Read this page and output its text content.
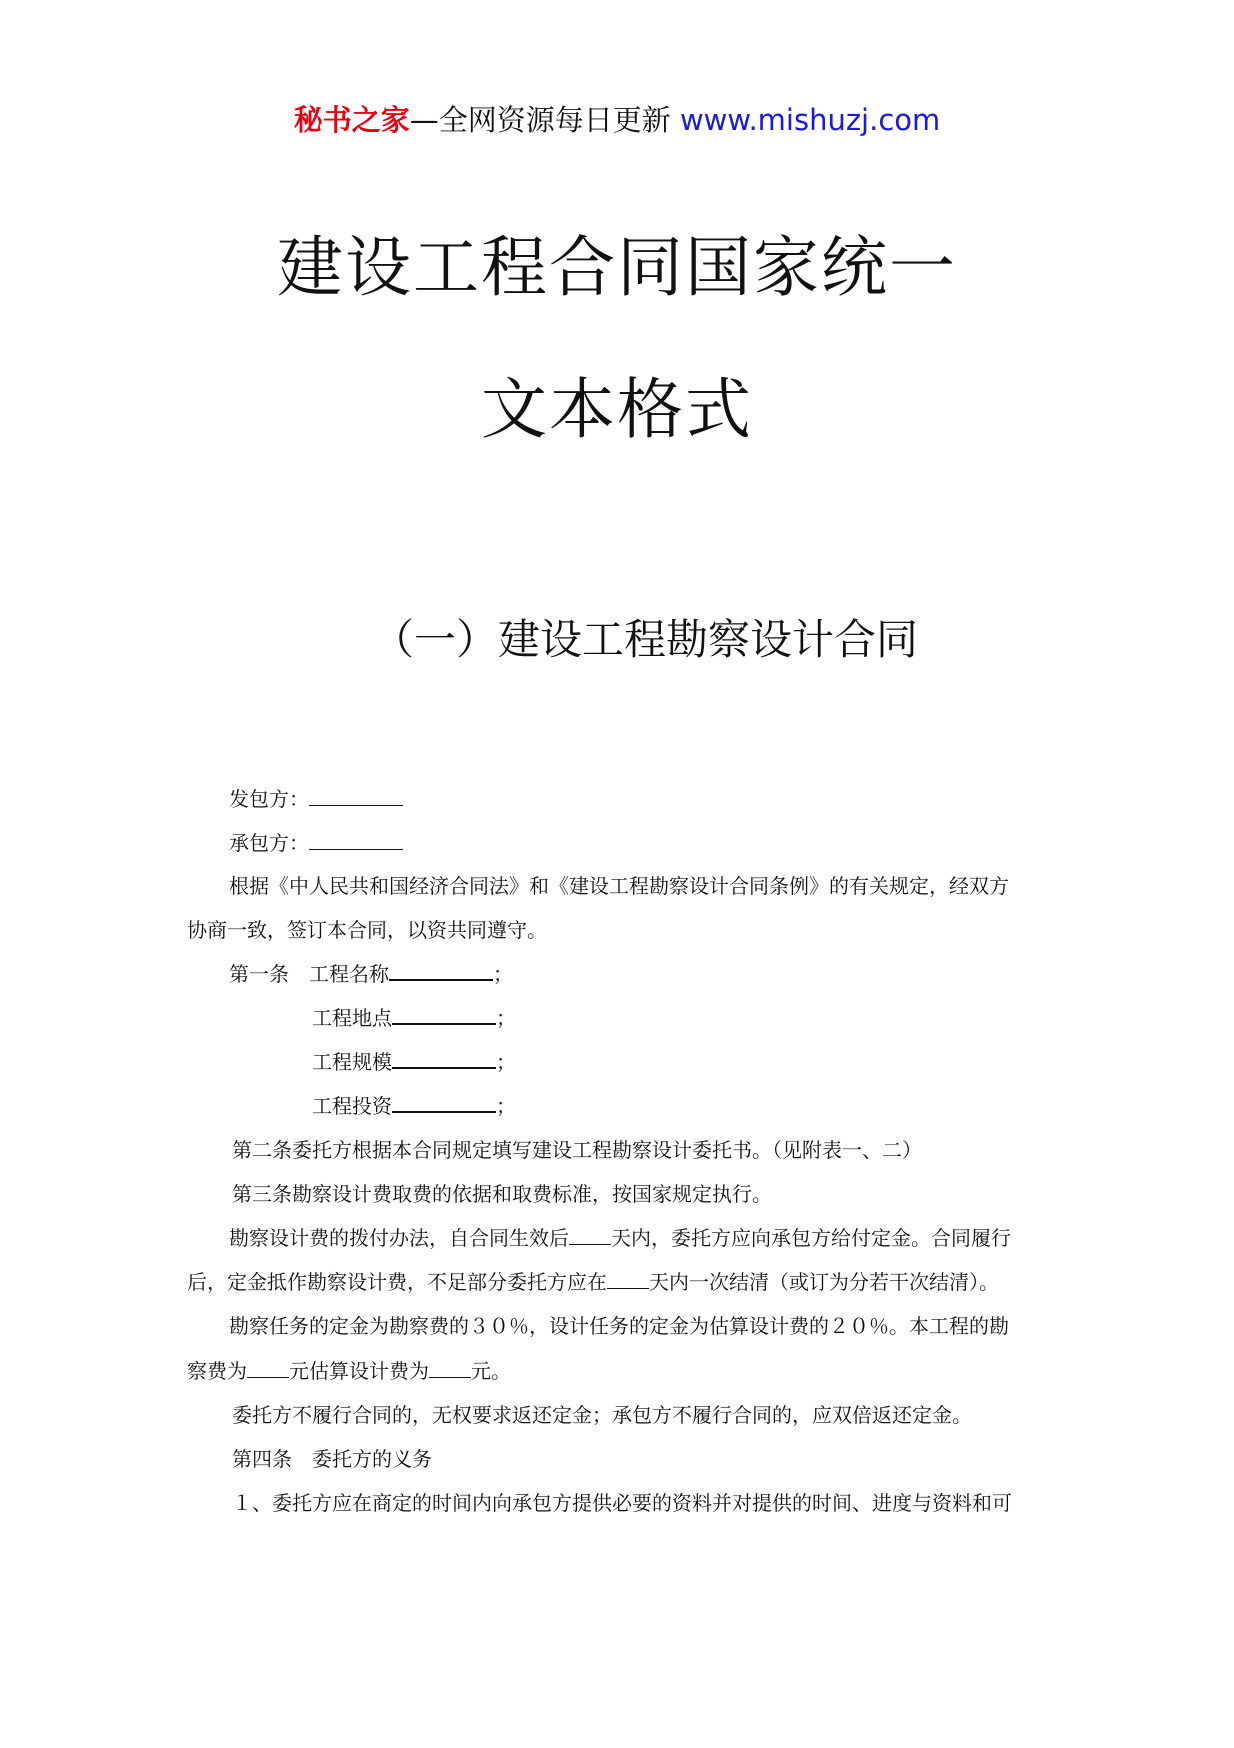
秘书之家—全网资源每日更新 www.mishuzj.com
建设工程合同国家统一
文本格式
（一）建设工程勘察设计合同
发包方：
承包方：
根据《中人民共和国经济合同法》和《建设工程勘察设计合同条例》的有关规定，经双方
协商一致，签订本合同，以资共同遵守。
第一条　工程名称	；
工程地点	；
工程规模	；
工程投资	；
第二条委托方根据本合同规定填写建设工程勘察设计委托书。（见附表一、二）
第三条勘察设计费取费的依据和取费标准，按国家规定执行。
勘察设计费的拨付办法，自合同生效后 天内，委托方应向承包方给付定金。合同履行
后，定金抵作勘察设计费，不足部分委托方应在 天内一次结清（或订为分若干次结清）。
勘察任务的定金为勘察费的３０％，设计任务的定金为估算设计费的２０％。本工程的勘
察费为 元估算设计费为 元。
委托方不履行合同的，无权要求返还定金；承包方不履行合同的，应双倍返还定金。
第四条　委托方的义务
１、委托方应在商定的时间内向承包方提供必要的资料并对提供的时间、进度与资料和可
